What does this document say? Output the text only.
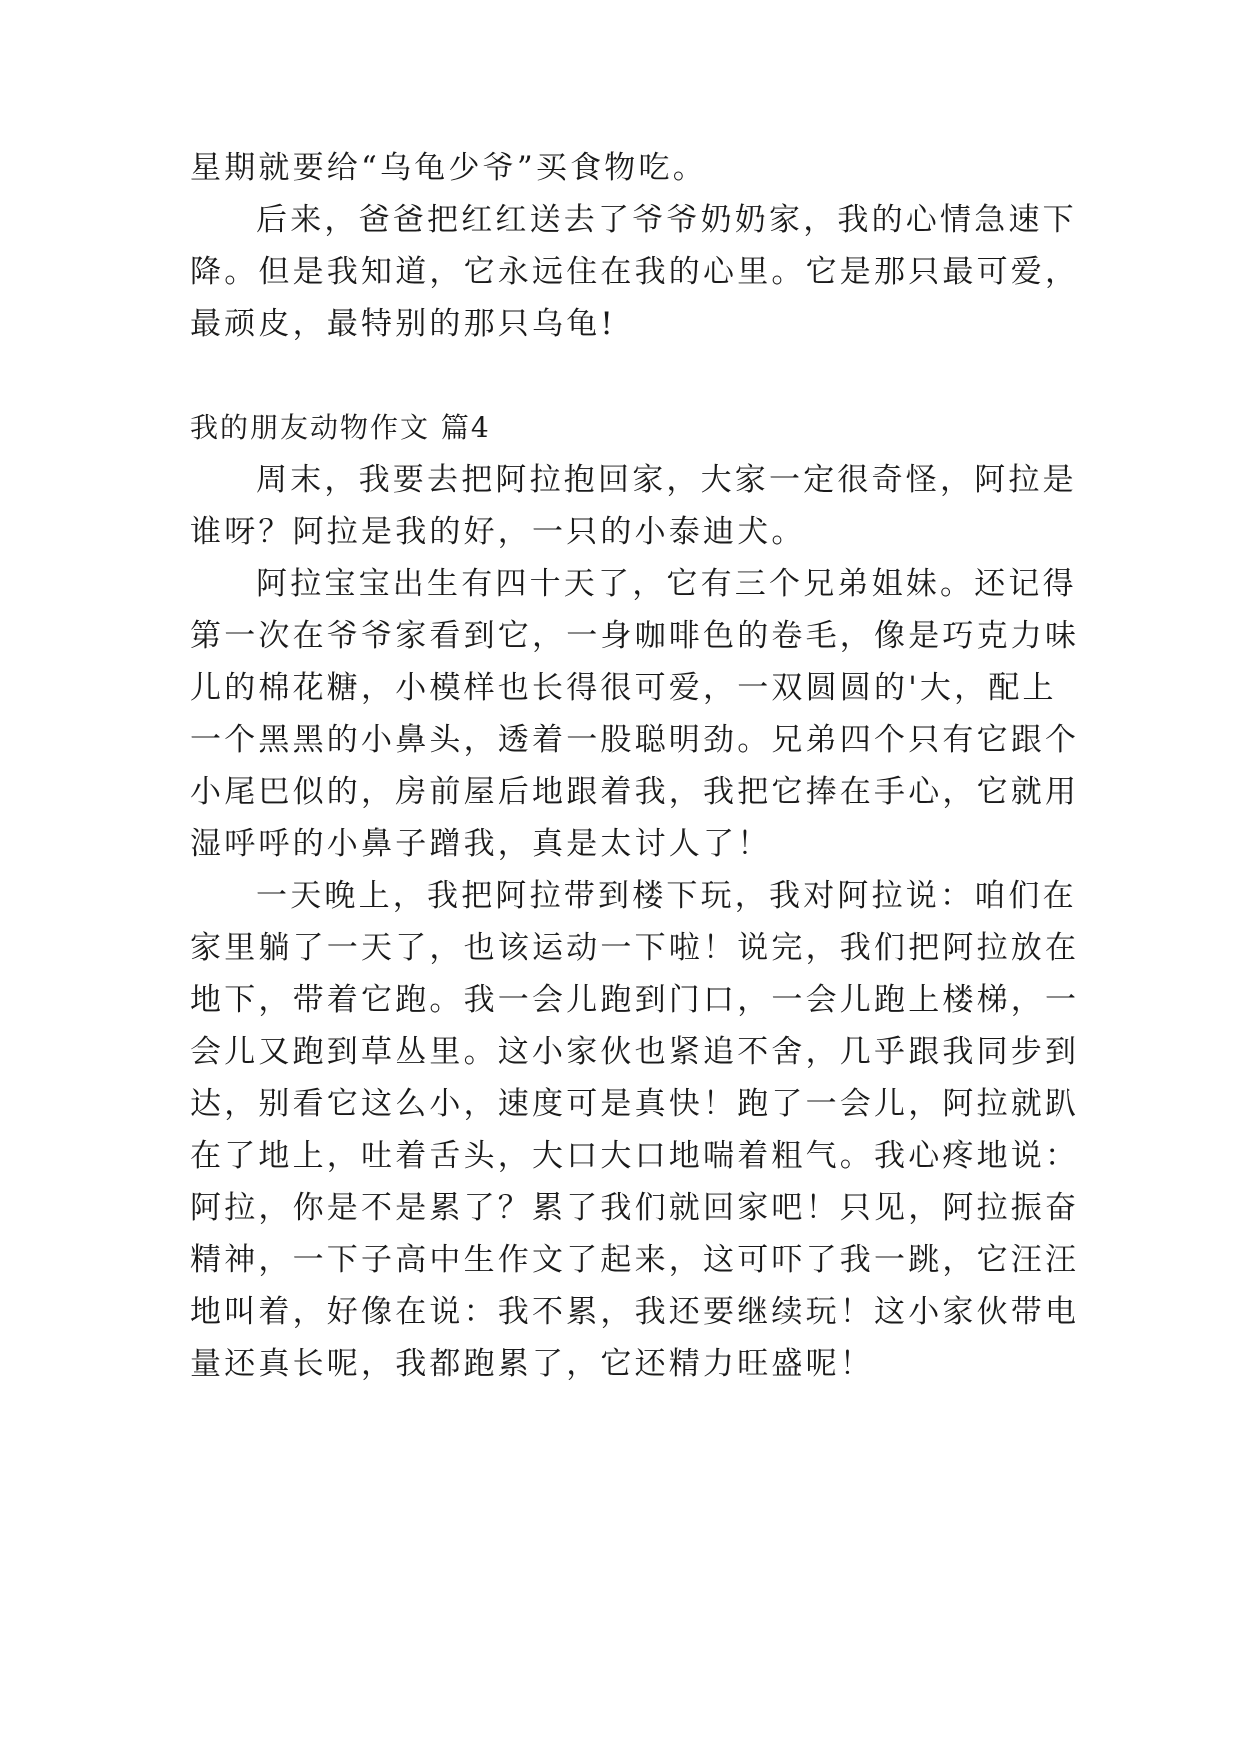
星期就要给“乌龟少爷”买食物吃。
后来，爸爸把红红送去了爷爷奶奶家，我的心情急速下
降。但是我知道，它永远住在我的心里。它是那只最可爱，
最顽皮，最特别的那只乌龟!
我的朋友动物作文 篇4
周末，我要去把阿拉抱回家，大家一定很奇怪，阿拉是
谁呀？阿拉是我的好，一只的小泰迪犬。
阿拉宝宝出生有四十天了，它有三个兄弟姐妹。还记得
第一次在爷爷家看到它，一身咖啡色的卷毛，像是巧克力味
儿的棉花糖，小模样也长得很可爱，一双圆圆的'大，配上
一个黑黑的小鼻头，透着一股聪明劲。兄弟四个只有它跟个
小尾巴似的，房前屋后地跟着我，我把它捧在手心，它就用
湿呼呼的小鼻子蹭我，真是太讨人了！
一天晚上，我把阿拉带到楼下玩，我对阿拉说：咱们在
家里躺了一天了，也该运动一下啦！说完，我们把阿拉放在
地下，带着它跑。我一会儿跑到门口，一会儿跑上楼梯，一
会儿又跑到草丛里。这小家伙也紧追不舍，几乎跟我同步到
达，别看它这么小，速度可是真快！跑了一会儿，阿拉就趴
在了地上，吐着舌头，大口大口地喘着粗气。我心疼地说：
阿拉，你是不是累了？累了我们就回家吧！只见，阿拉振奋
精神，一下子高中生作文了起来，这可吓了我一跳，它汪汪
地叫着，好像在说：我不累，我还要继续玩！这小家伙带电
量还真长呢，我都跑累了，它还精力旺盛呢！
